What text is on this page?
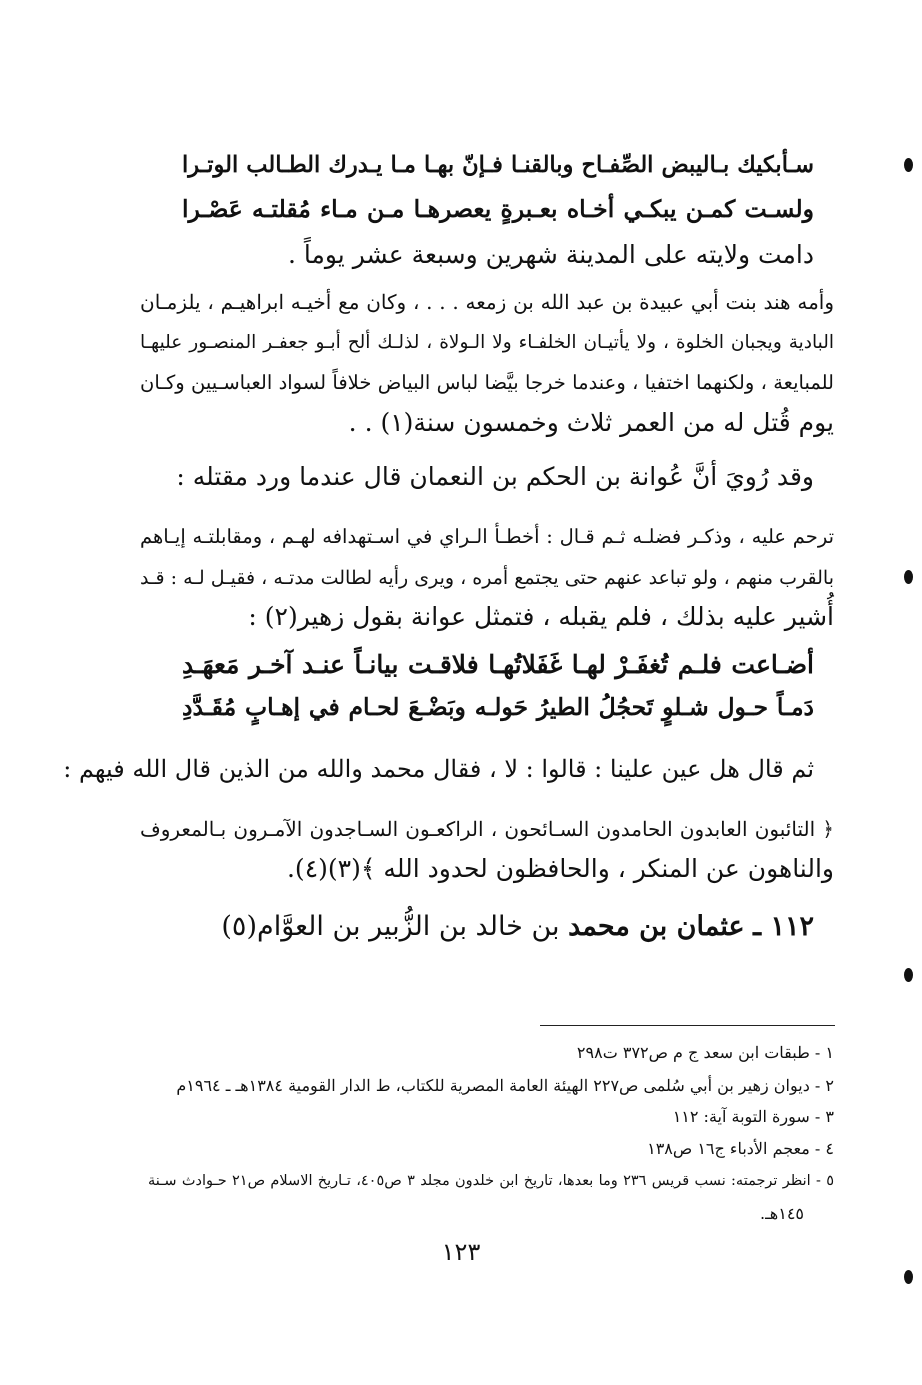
سـأبكيك بـاليبض الصِّفـاح وبالقنـا فـإنّ بهـا مـا يـدرك الطـالب الوتـرا
ولسـت كمـن يبكـي أخـاه بعـبرةٍ يعصرهـا مـن مـاء مُقلتـه عَصْـرا
دامت ولايته على المدينة شهرين وسبعة عشر يوماً .
وأمه هند بنت أبي عبيدة بن عبد الله بن زمعه . . . ، وكان مع أخيـه ابراهيـم ، يلزمـان
البادية ويجبان الخلوة ، ولا يأتيـان الخلفـاء ولا الـولاة ، لذلـك ألح أبـو جعفـر المنصـور عليهـا
للمبايعة ، ولكنهما اختفيا ، وعندما خرجا بيَّضا لباس البياض خلافاً لسواد العباسـيين وكـان
يوم قُتل له من العمر ثلاث وخمسون سنة(١) . .
وقد رُويَ أنَّ عُوانة بن الحكم بن النعمان قال عندما ورد مقتله :
ترحم عليه ، وذكـر فضلـه ثـم قـال : أخطـأ الـراي في اسـتهدافه لهـم ، ومقابلتـه إيـاهم
بالقرب منهم ، ولو تباعد عنهم حتى يجتمع أمره ، ويرى رأيه لطالت مدتـه ، فقيـل لـه : قـد
أُشير عليه بذلك ، فلم يقبله ، فتمثل عوانة بقول زهير(٢) :
أضـاعت فلـم تُغفَـرْ لهـا غَفَلاتُهـا فلاقـت بيانـاً عنـد آخـر مَعهَـدِ
دَمـاً حـول شـلوٍ تَحجُلُ الطيرُ حَولـه وبَضْـعَ لحـام في إهـابٍ مُقَـدَّدِ
ثم قال هل عين علينا : قالوا : لا ، فقال محمد والله من الذين قال الله فيهم :
﴿ التائبون العابدون الحامدون السـائحون ، الراكعـون السـاجدون الآمـرون بـالمعروف
والناهون عن المنكر ، والحافظون لحدود الله ﴾(٣)(٤).
١١٢ ـ عثمان بن محمد بن خالد بن الزُّبير بن العوَّام(٥)
١ - طبقات ابن سعد ج م ص٣٧٢ ت٢٩٨
٢ - ديوان زهير بن أبي سُلمى ص٢٢٧ الهيئة العامة المصرية للكتاب، ط الدار القومية ١٣٨٤هـ ـ ١٩٦٤م
٣ - سورة التوبة آية: ١١٢
٤ - معجم الأدباء ج١٦ ص١٣٨
٥ - انظر ترجمته: نسب قريس ٢٣٦ وما بعدها، تاريخ ابن خلدون مجلد ٣ ص٤٠٥، تـاريخ الاسلام ص٢١ حـوادث سـنة
١٤٥هـ.
١٢٣
